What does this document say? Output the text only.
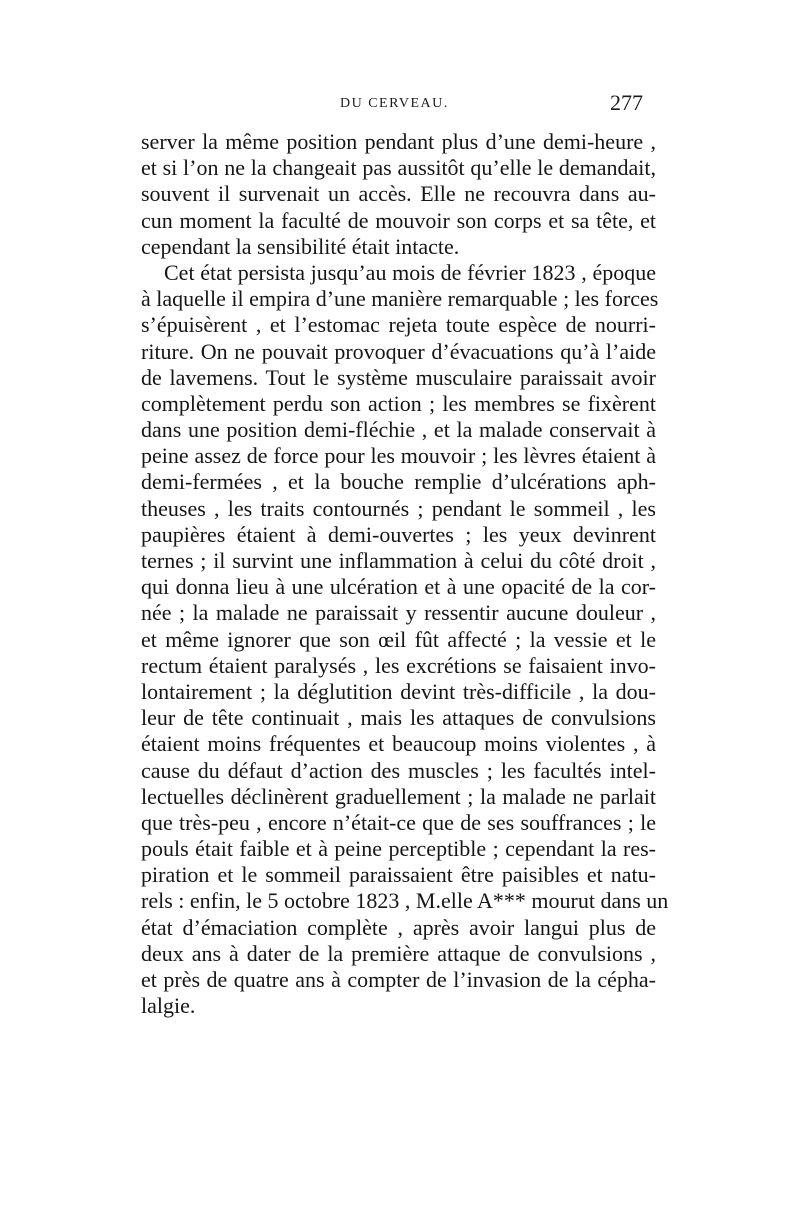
DU CERVEAU.	277
server la même position pendant plus d’une demi-heure ,
et si l’on ne la changeait pas aussitôt qu’elle le demandait,
souvent il survenait un accès. Elle ne recouvra dans au-
cun moment la faculté de mouvoir son corps et sa tête, et
cependant la sensibilité était intacte.
Cet état persista jusqu’au mois de février 1823 , époque
à laquelle il empira d’une manière remarquable ; les forces
s’épuisèrent , et l’estomac rejeta toute espèce de nourri-
riture. On ne pouvait provoquer d’évacuations qu’à l’aide
de lavemens. Tout le système musculaire paraissait avoir
complètement perdu son action ; les membres se fixèrent
dans une position demi-fléchie , et la malade conservait à
peine assez de force pour les mouvoir ; les lèvres étaient à
demi-fermées , et la bouche remplie d’ulcérations aph-
theuses , les traits contournés ; pendant le sommeil , les
paupières étaient à demi-ouvertes ; les yeux devinrent
ternes ; il survint une inflammation à celui du côté droit ,
qui donna lieu à une ulcération et à une opacité de la cor-
née ; la malade ne paraissait y ressentir aucune douleur ,
et même ignorer que son œil fût affecté ; la vessie et le
rectum étaient paralysés , les excrétions se faisaient invo-
lontairement ; la déglutition devint très-difficile , la dou-
leur de tête continuait , mais les attaques de convulsions
étaient moins fréquentes et beaucoup moins violentes , à
cause du défaut d’action des muscles ; les facultés intel-
lectuelles déclinèrent graduellement ; la malade ne parlait
que très-peu , encore n’était-ce que de ses souffrances ; le
pouls était faible et à peine perceptible ; cependant la res-
piration et le sommeil paraissaient être paisibles et natu-
rels : enfin, le 5 octobre 1823 , M.elle A*** mourut dans un
état d’émaciation complète , après avoir langui plus de
deux ans à dater de la première attaque de convulsions ,
et près de quatre ans à compter de l’invasion de la cépha-
lalgie.
